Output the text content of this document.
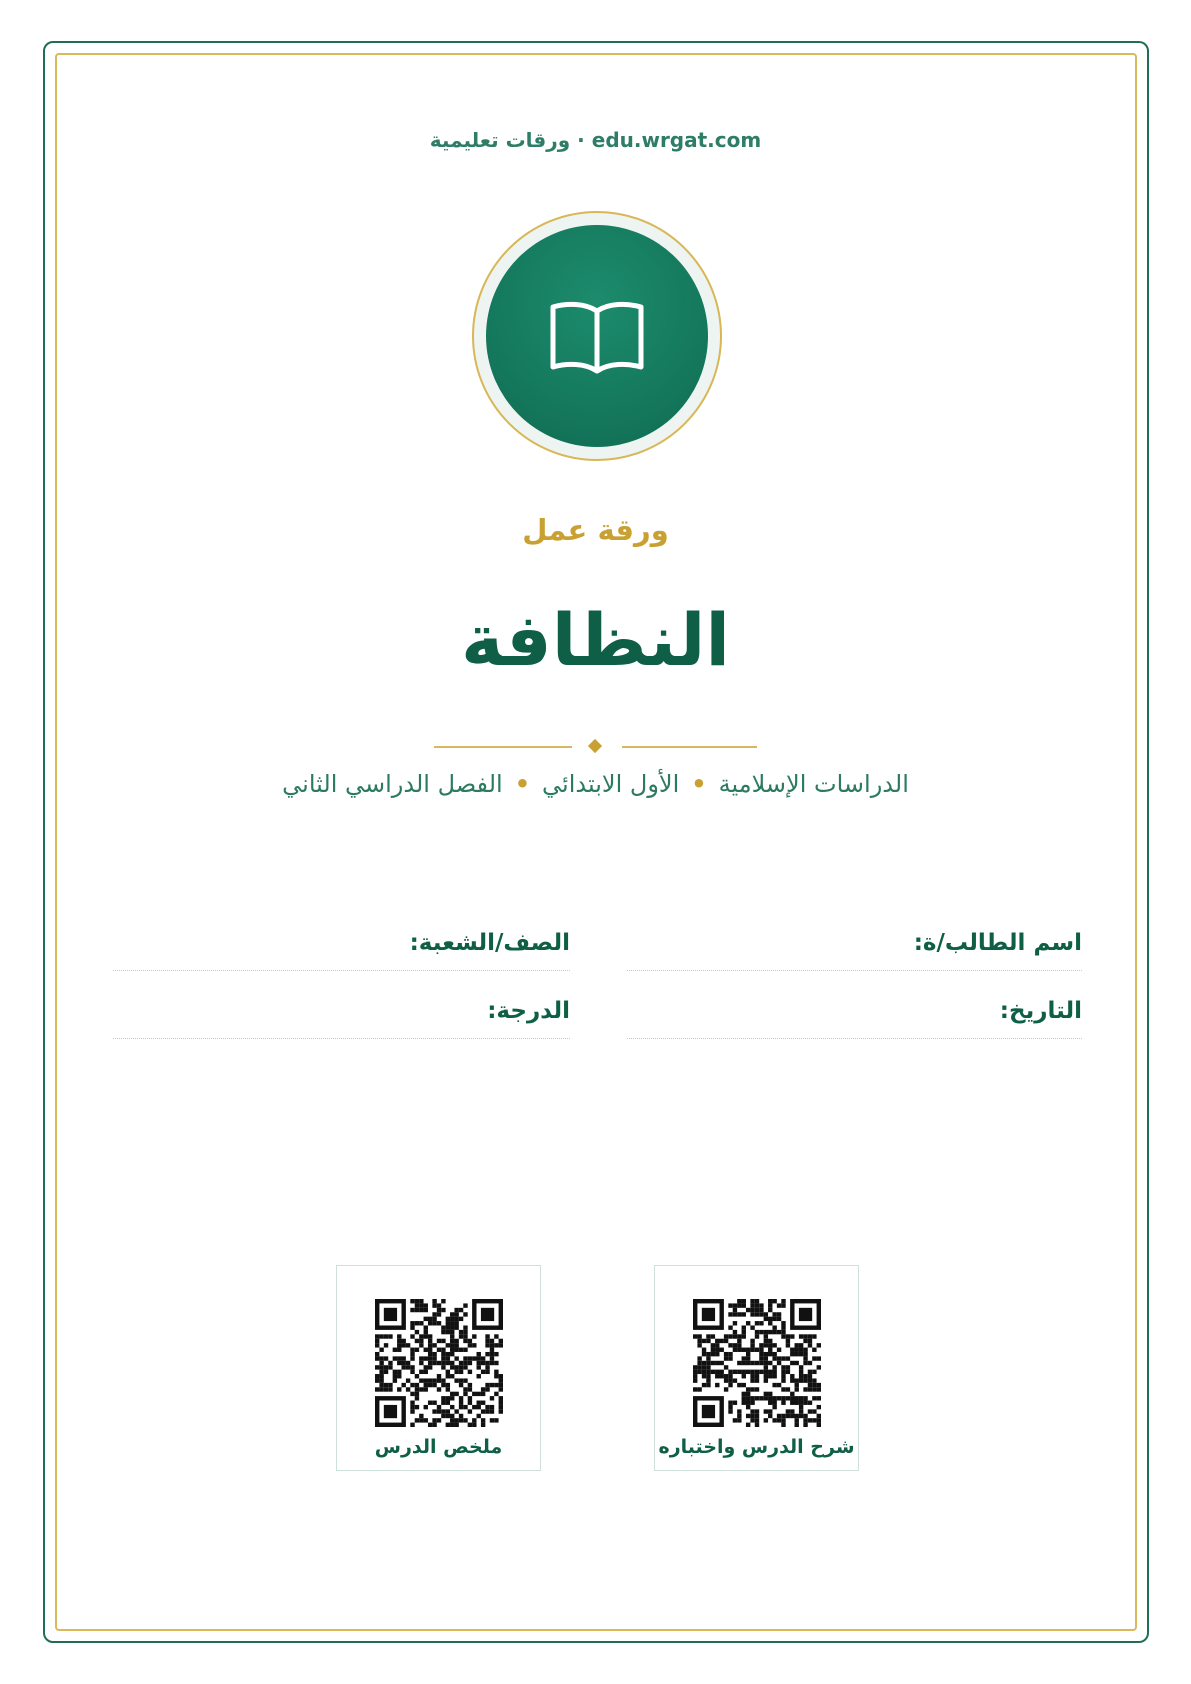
edu.wrgat.com · ورقات تعليمية
ورقة عمل
النظافة
الدراسات الإسلامية•الأول الابتدائي•الفصل الدراسي الثاني
اسم الطالب/ة:
الصف/الشعبة:
التاريخ:
الدرجة:
شرح الدرس واختباره
ملخص الدرس
